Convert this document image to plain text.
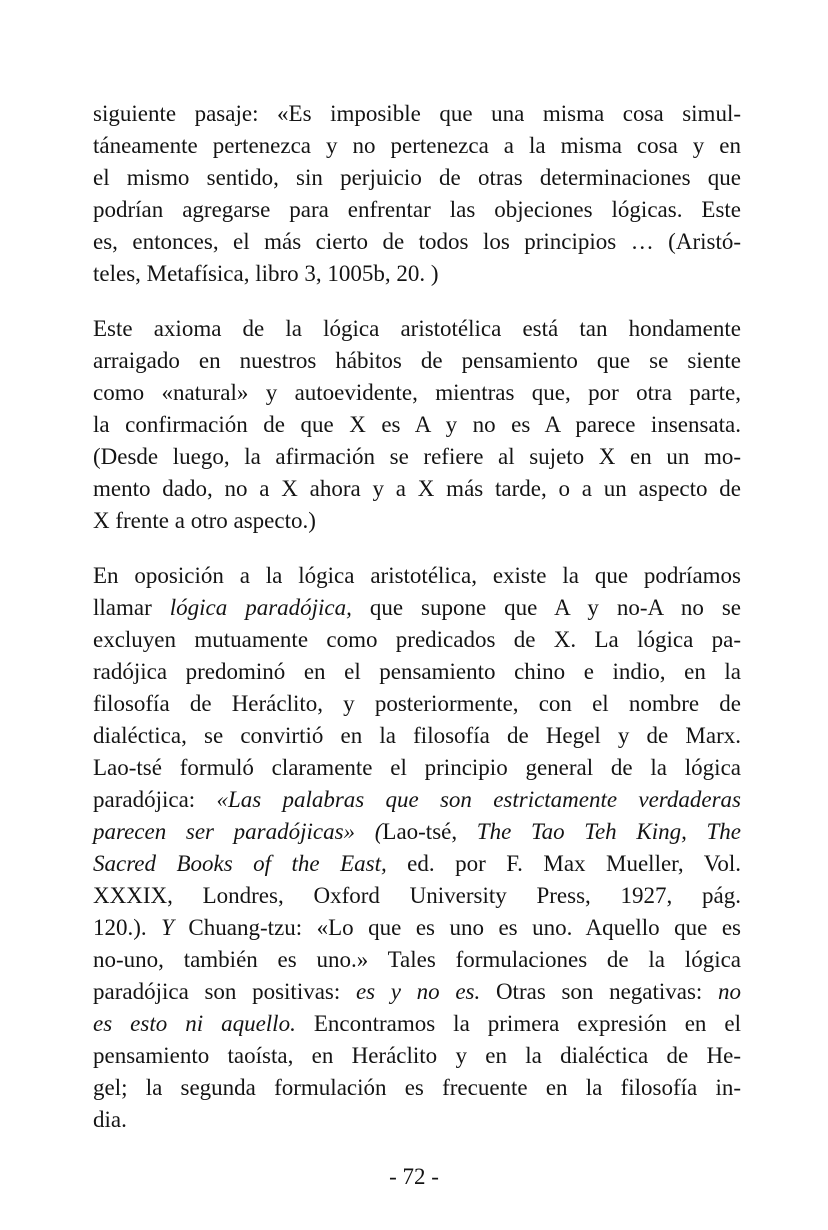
siguiente pasaje: «Es imposible que una misma cosa simul-
táneamente pertenezca y no pertenezca a la misma cosa y en
el mismo sentido, sin perjuicio de otras determinaciones que
podrían agregarse para enfrentar las objeciones lógicas. Este
es, entonces, el más cierto de todos los principios … (Aristó-
teles, Metafísica, libro 3, 1005b, 20. )
Este axioma de la lógica aristotélica está tan hondamente
arraigado en nuestros hábitos de pensamiento que se siente
como «natural» y autoevidente, mientras que, por otra parte,
la confirmación de que X es A y no es A parece insensata.
(Desde luego, la afirmación se refiere al sujeto X en un mo-
mento dado, no a X ahora y a X más tarde, o a un aspecto de
X frente a otro aspecto.)
En oposición a la lógica aristotélica, existe la que podríamos
llamar lógica paradójica, que supone que A y no-A no se
excluyen mutuamente como predicados de X. La lógica pa-
radójica predominó en el pensamiento chino e indio, en la
filosofía de Heráclito, y posteriormente, con el nombre de
dialéctica, se convirtió en la filosofía de Hegel y de Marx.
Lao-tsé formuló claramente el principio general de la lógica
paradójica: «Las palabras que son estrictamente verdaderas
parecen ser paradójicas» (Lao-tsé, The Tao Teh King, The
Sacred Books of the East, ed. por F. Max Mueller, Vol.
XXXIX, Londres, Oxford University Press, 1927, pág.
120.). Y Chuang-tzu: «Lo que es uno es uno. Aquello que es
no-uno, también es uno.» Tales formulaciones de la lógica
paradójica son positivas: es y no es. Otras son negativas: no
es esto ni aquello. Encontramos la primera expresión en el
pensamiento taoísta, en Heráclito y en la dialéctica de He-
gel; la segunda formulación es frecuente en la filosofía in-
dia.
- 72 -
